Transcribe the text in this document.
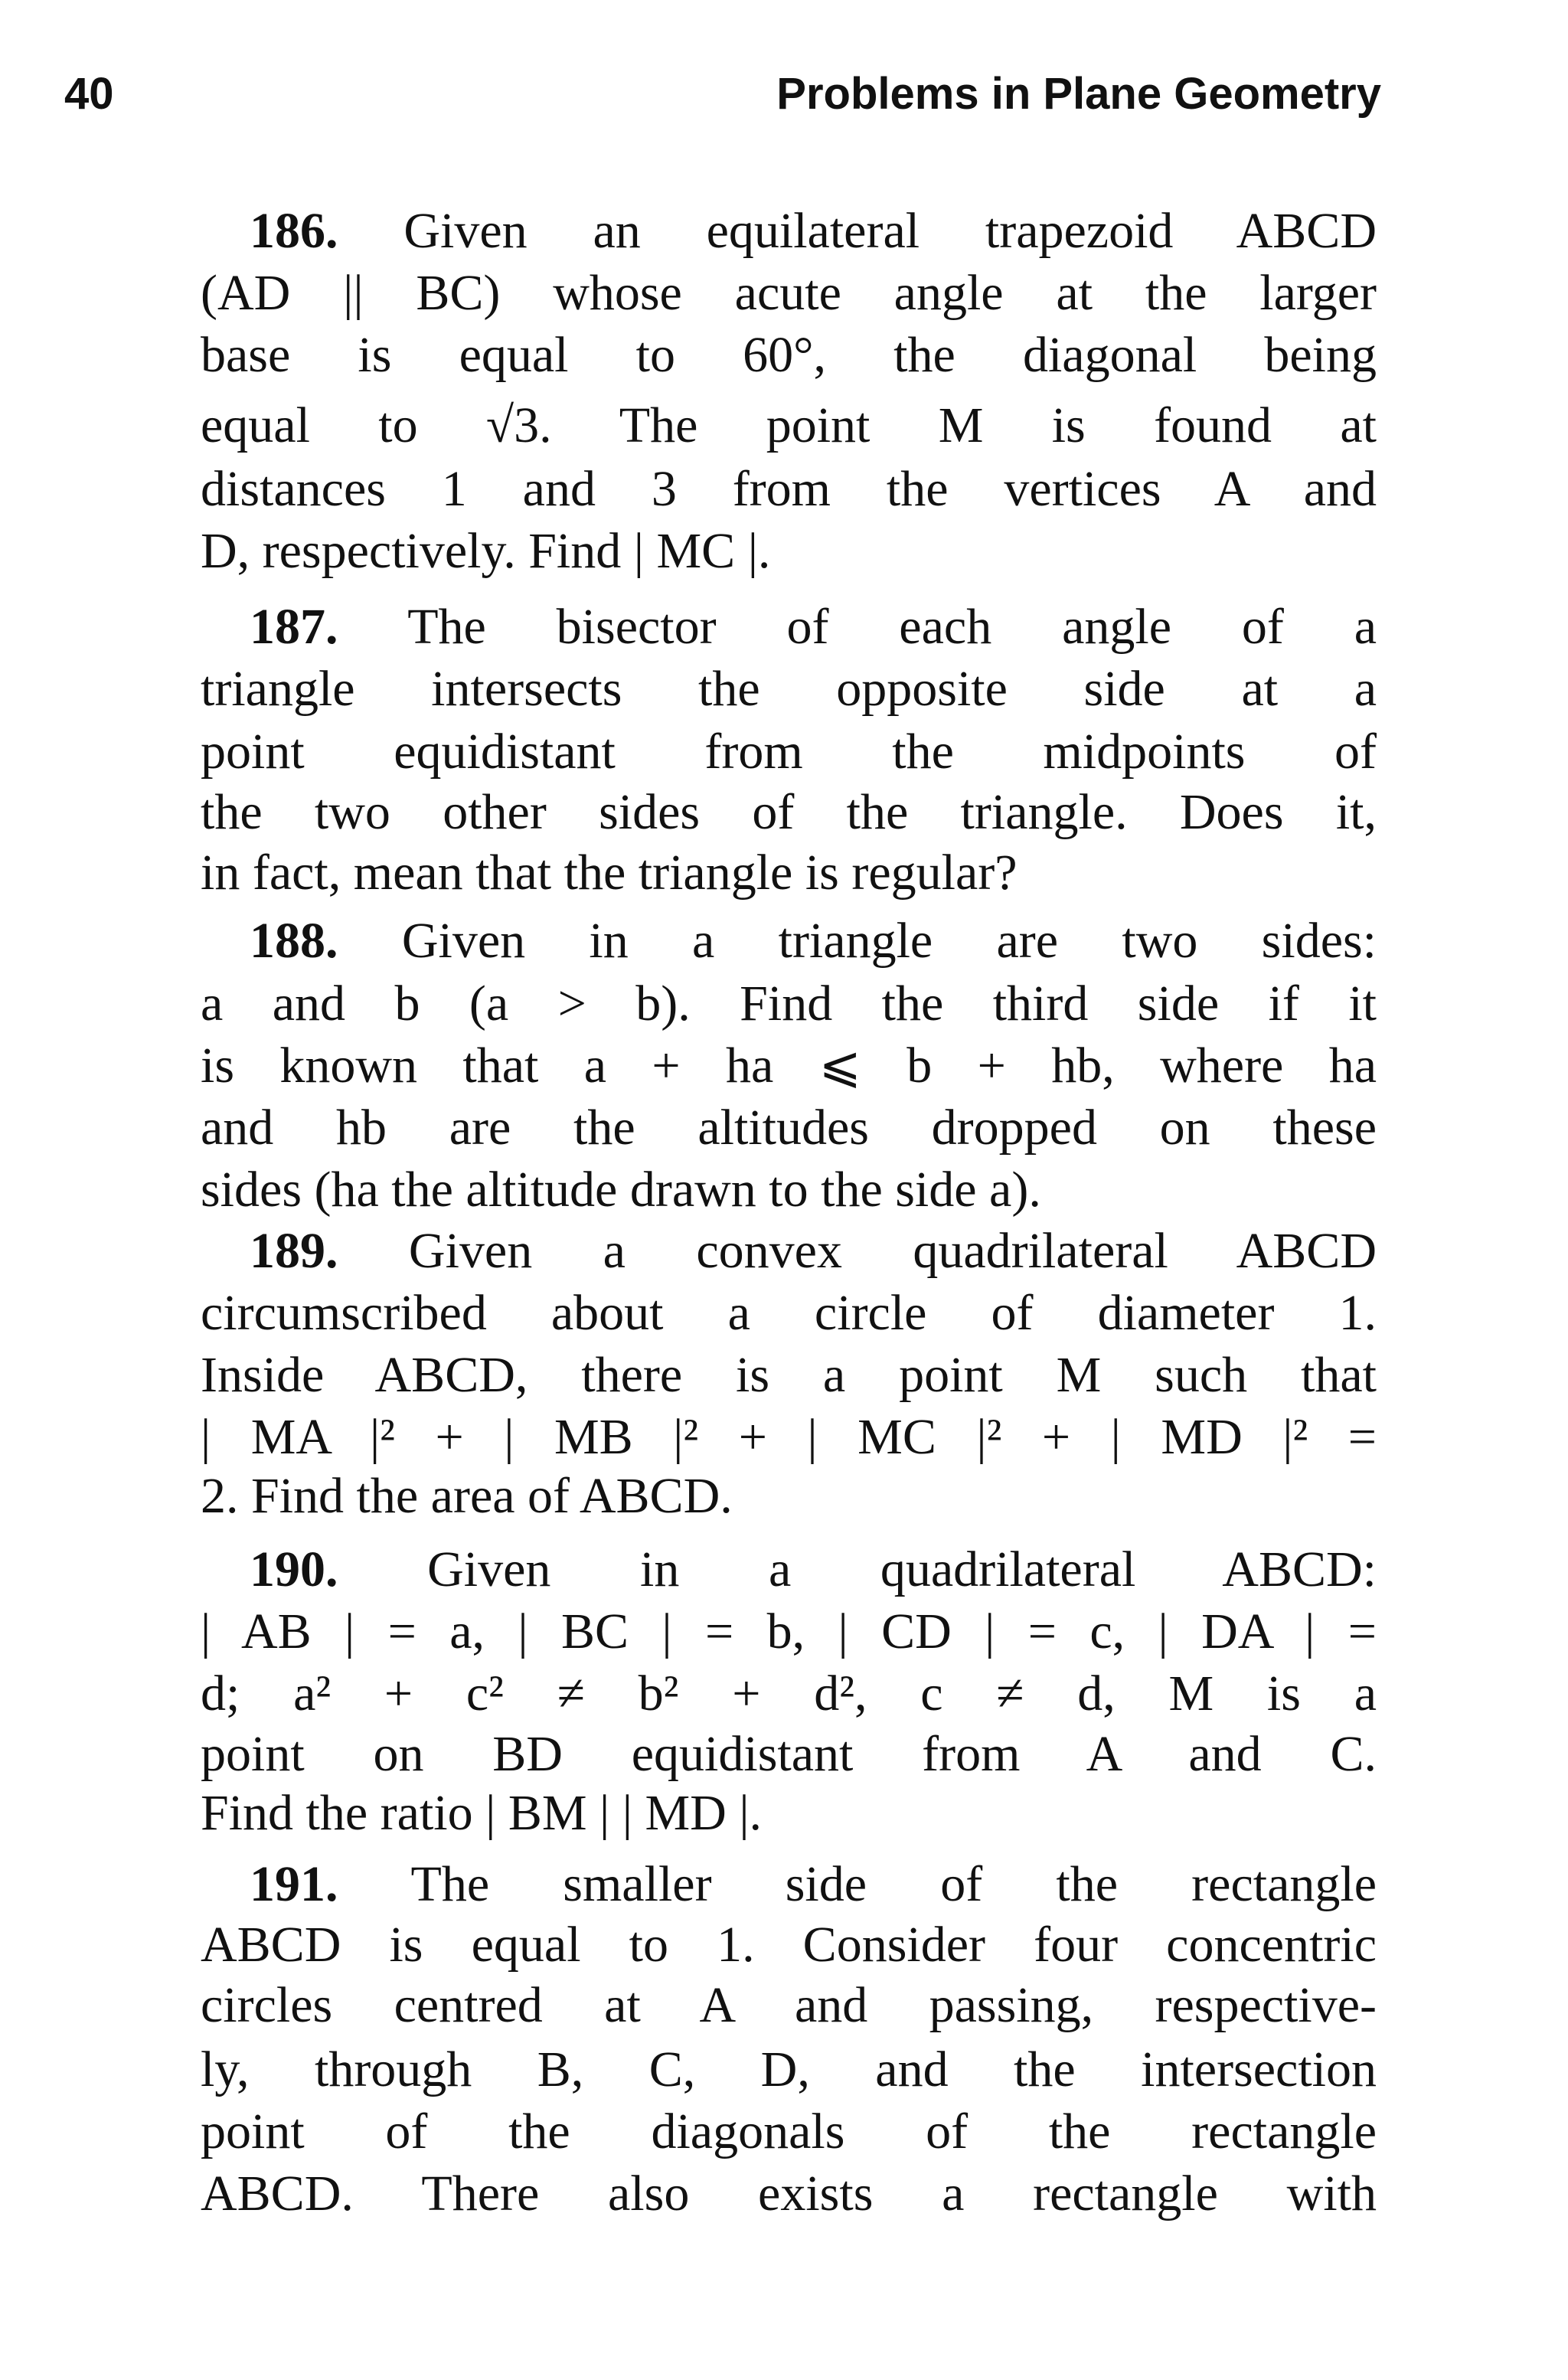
40	Problems in Plane Geometry
186. Given an equilateral trapezoid ABCD
(AD || BC) whose acute angle at the larger
base is equal to 60°, the diagonal being
equal to √3. The point M is found at
distances 1 and 3 from the vertices A and
D, respectively. Find | MC |.
187. The bisector of each angle of a
triangle intersects the opposite side at a
point equidistant from the midpoints of
the two other sides of the triangle. Does it,
in fact, mean that the triangle is regular?
188. Given in a triangle are two sides:
a and b (a > b). Find the third side if it
is known that a + ha ⩽ b + hb, where ha
and hb are the altitudes dropped on these
sides (ha the altitude drawn to the side a).
189. Given a convex quadrilateral ABCD
circumscribed about a circle of diameter 1.
Inside ABCD, there is a point M such that
| MA |² + | MB |² + | MC |² + | MD |² =
2. Find the area of ABCD.
190. Given in a quadrilateral ABCD:
| AB | = a, | BC | = b, | CD | = c, | DA | =
d; a² + c² ≠ b² + d², c ≠ d, M is a
point on BD equidistant from A and C.
Find the ratio | BM | | MD |.
191. The smaller side of the rectangle
ABCD is equal to 1. Consider four concentric
circles centred at A and passing, respective-
ly, through B, C, D, and the intersection
point of the diagonals of the rectangle
ABCD. There also exists a rectangle with
